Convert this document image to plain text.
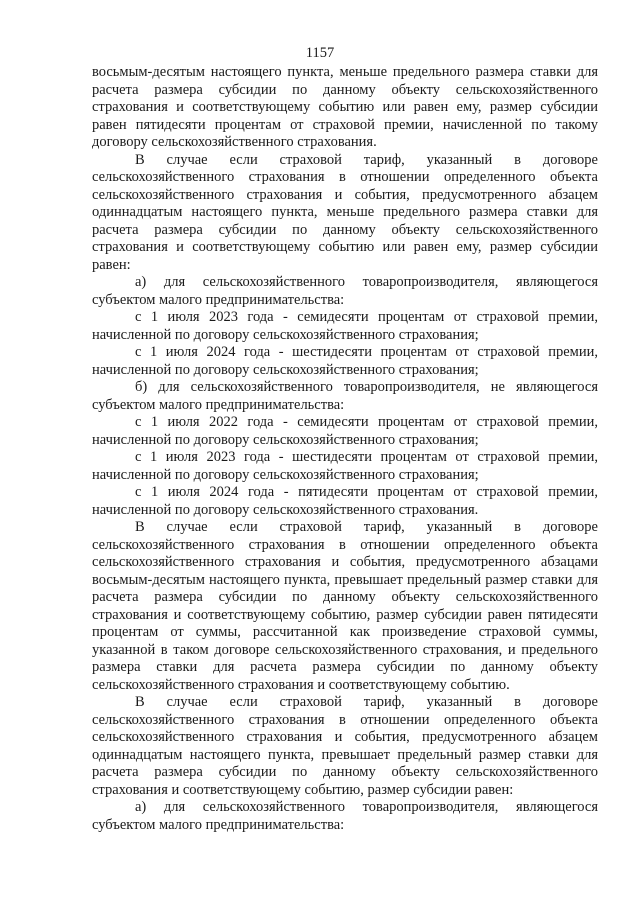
1157

восьмым-десятым настоящего пункта, меньше предельного размера ставки для расчета размера субсидии по данному объекту сельскохозяйственного страхования и соответствующему событию или равен ему, размер субсидии равен пятидесяти процентам от страховой премии, начисленной по такому договору сельскохозяйственного страхования.

В случае если страховой тариф, указанный в договоре сельскохозяйственного страхования в отношении определенного объекта сельскохозяйственного страхования и события, предусмотренного абзацем одиннадцатым настоящего пункта, меньше предельного размера ставки для расчета размера субсидии по данному объекту сельскохозяйственного страхования и соответствующему событию или равен ему, размер субсидии равен:

а) для сельскохозяйственного товаропроизводителя, являющегося субъектом малого предпринимательства:

с 1 июля 2023 года - семидесяти процентам от страховой премии, начисленной по договору сельскохозяйственного страхования;

с 1 июля 2024 года - шестидесяти процентам от страховой премии, начисленной по договору сельскохозяйственного страхования;

б) для сельскохозяйственного товаропроизводителя, не являющегося субъектом малого предпринимательства:

с 1 июля 2022 года - семидесяти процентам от страховой премии, начисленной по договору сельскохозяйственного страхования;

с 1 июля 2023 года - шестидесяти процентам от страховой премии, начисленной по договору сельскохозяйственного страхования;

с 1 июля 2024 года - пятидесяти процентам от страховой премии, начисленной по договору сельскохозяйственного страхования.

В случае если страховой тариф, указанный в договоре сельскохозяйственного страхования в отношении определенного объекта сельскохозяйственного страхования и события, предусмотренного абзацами восьмым-десятым настоящего пункта, превышает предельный размер ставки для расчета размера субсидии по данному объекту сельскохозяйственного страхования и соответствующему событию, размер субсидии равен пятидесяти процентам от суммы, рассчитанной как произведение страховой суммы, указанной в таком договоре сельскохозяйственного страхования, и предельного размера ставки для расчета размера субсидии по данному объекту сельскохозяйственного страхования и соответствующему событию.

В случае если страховой тариф, указанный в договоре сельскохозяйственного страхования в отношении определенного объекта сельскохозяйственного страхования и события, предусмотренного абзацем одиннадцатым настоящего пункта, превышает предельный размер ставки для расчета размера субсидии по данному объекту сельскохозяйственного страхования и соответствующему событию, размер субсидии равен:

а) для сельскохозяйственного товаропроизводителя, являющегося субъектом малого предпринимательства:
